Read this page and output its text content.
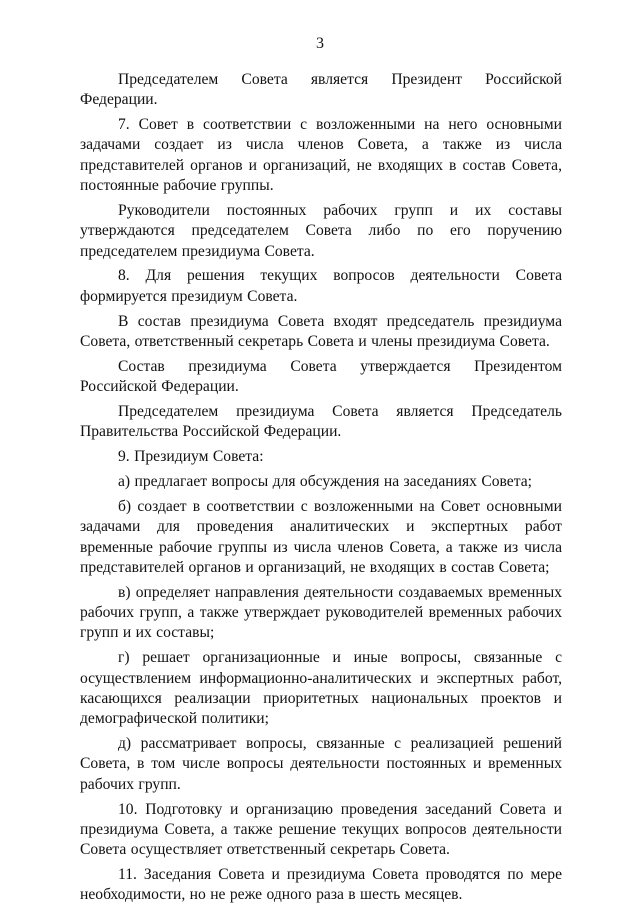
3

Председателем Совета является Президент Российской Федерации.

7. Совет в соответствии с возложенными на него основными задачами создает из числа членов Совета, а также из числа представителей органов и организаций, не входящих в состав Совета, постоянные рабочие группы.

Руководители постоянных рабочих групп и их составы утверждаются председателем Совета либо по его поручению председателем президиума Совета.

8. Для решения текущих вопросов деятельности Совета формируется президиум Совета.

В состав президиума Совета входят председатель президиума Совета, ответственный секретарь Совета и члены президиума Совета.

Состав президиума Совета утверждается Президентом Российской Федерации.

Председателем президиума Совета является Председатель Правительства Российской Федерации.

9. Президиум Совета:

а) предлагает вопросы для обсуждения на заседаниях Совета;

б) создает в соответствии с возложенными на Совет основными задачами для проведения аналитических и экспертных работ временные рабочие группы из числа членов Совета, а также из числа представителей органов и организаций, не входящих в состав Совета;

в) определяет направления деятельности создаваемых временных рабочих групп, а также утверждает руководителей временных рабочих групп и их составы;

г) решает организационные и иные вопросы, связанные с осуществлением информационно-аналитических и экспертных работ, касающихся реализации приоритетных национальных проектов и демографической политики;

д) рассматривает вопросы, связанные с реализацией решений Совета, в том числе вопросы деятельности постоянных и временных рабочих групп.

10. Подготовку и организацию проведения заседаний Совета и президиума Совета, а также решение текущих вопросов деятельности Совета осуществляет ответственный секретарь Совета.

11. Заседания Совета и президиума Совета проводятся по мере необходимости, но не реже одного раза в шесть месяцев.
